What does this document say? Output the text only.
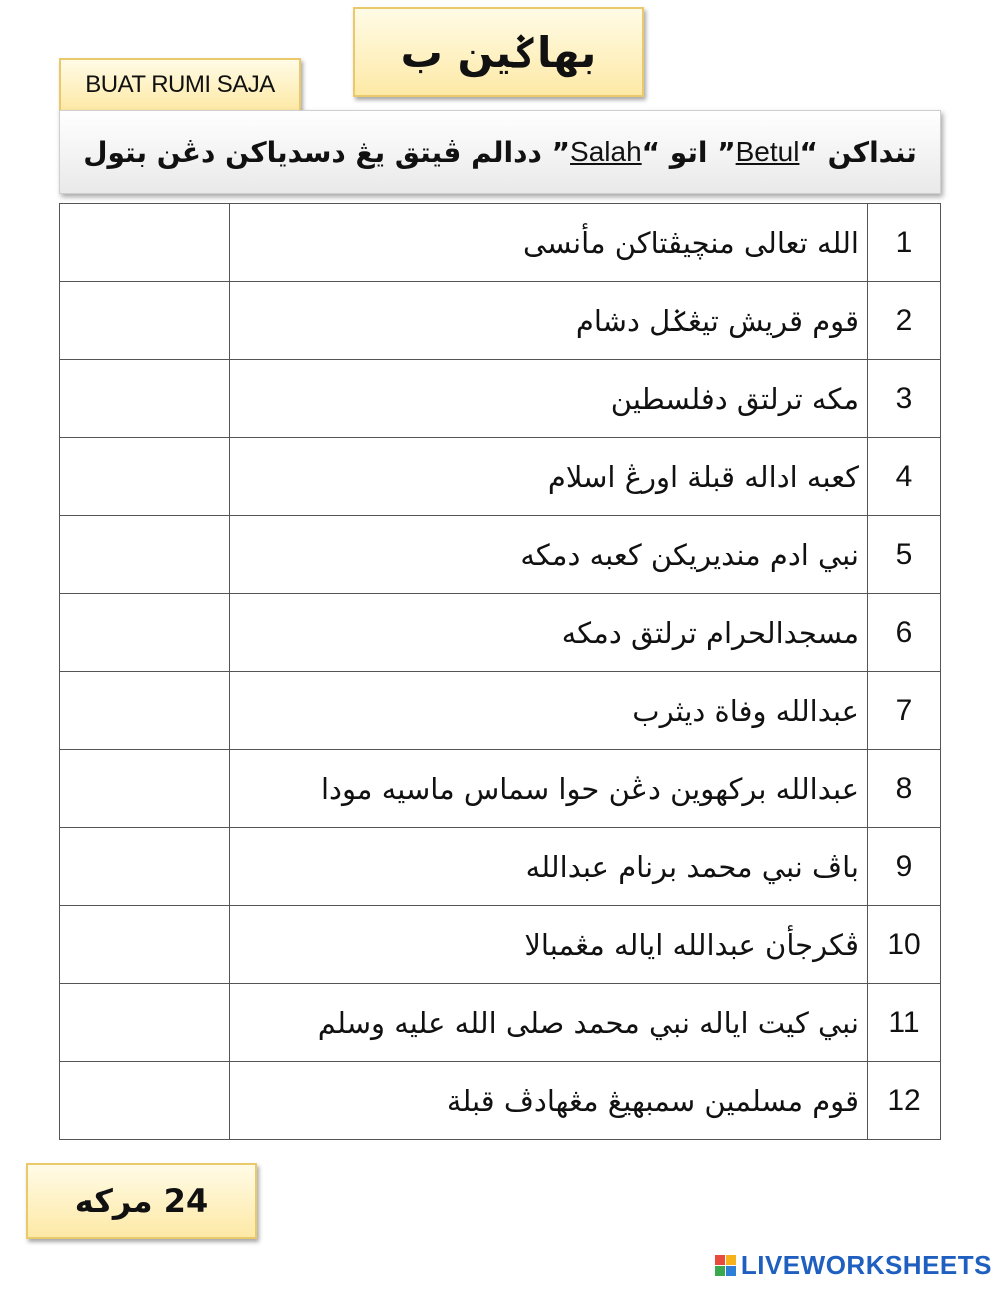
بهاݢين ب
BUAT RUMI SAJA
تنداكن “
Betul
” اتو “
Salah
” ددالم ڤيتق يڠ دسدياكن دڠن بتول
	الله تعالى منچيڤتاكن مأنسى	1
	قوم قريش تيڠݢل دشام	2
	مكه ترلتق دفلسطين	3
	كعبه اداله قبلة اورڠ اسلام	4
	نبي ادم منديريكن كعبه دمكه	5
	مسجدالحرام ترلتق دمكه	6
	عبدالله وفاة ديثرب	7
	عبدالله بركهوين دڠن حوا سماس ماسيه مودا	8
	باڤ نبي محمد برنام عبدالله	9
	ڤكرجأن عبدالله اياله مڠمبالا	10
	نبي كيت اياله نبي محمد صلى الله عليه وسلم	11
	قوم مسلمين سمبهيڠ مڠهادڤ قبلة	12
24 مركه
LIVEWORKSHEETS
